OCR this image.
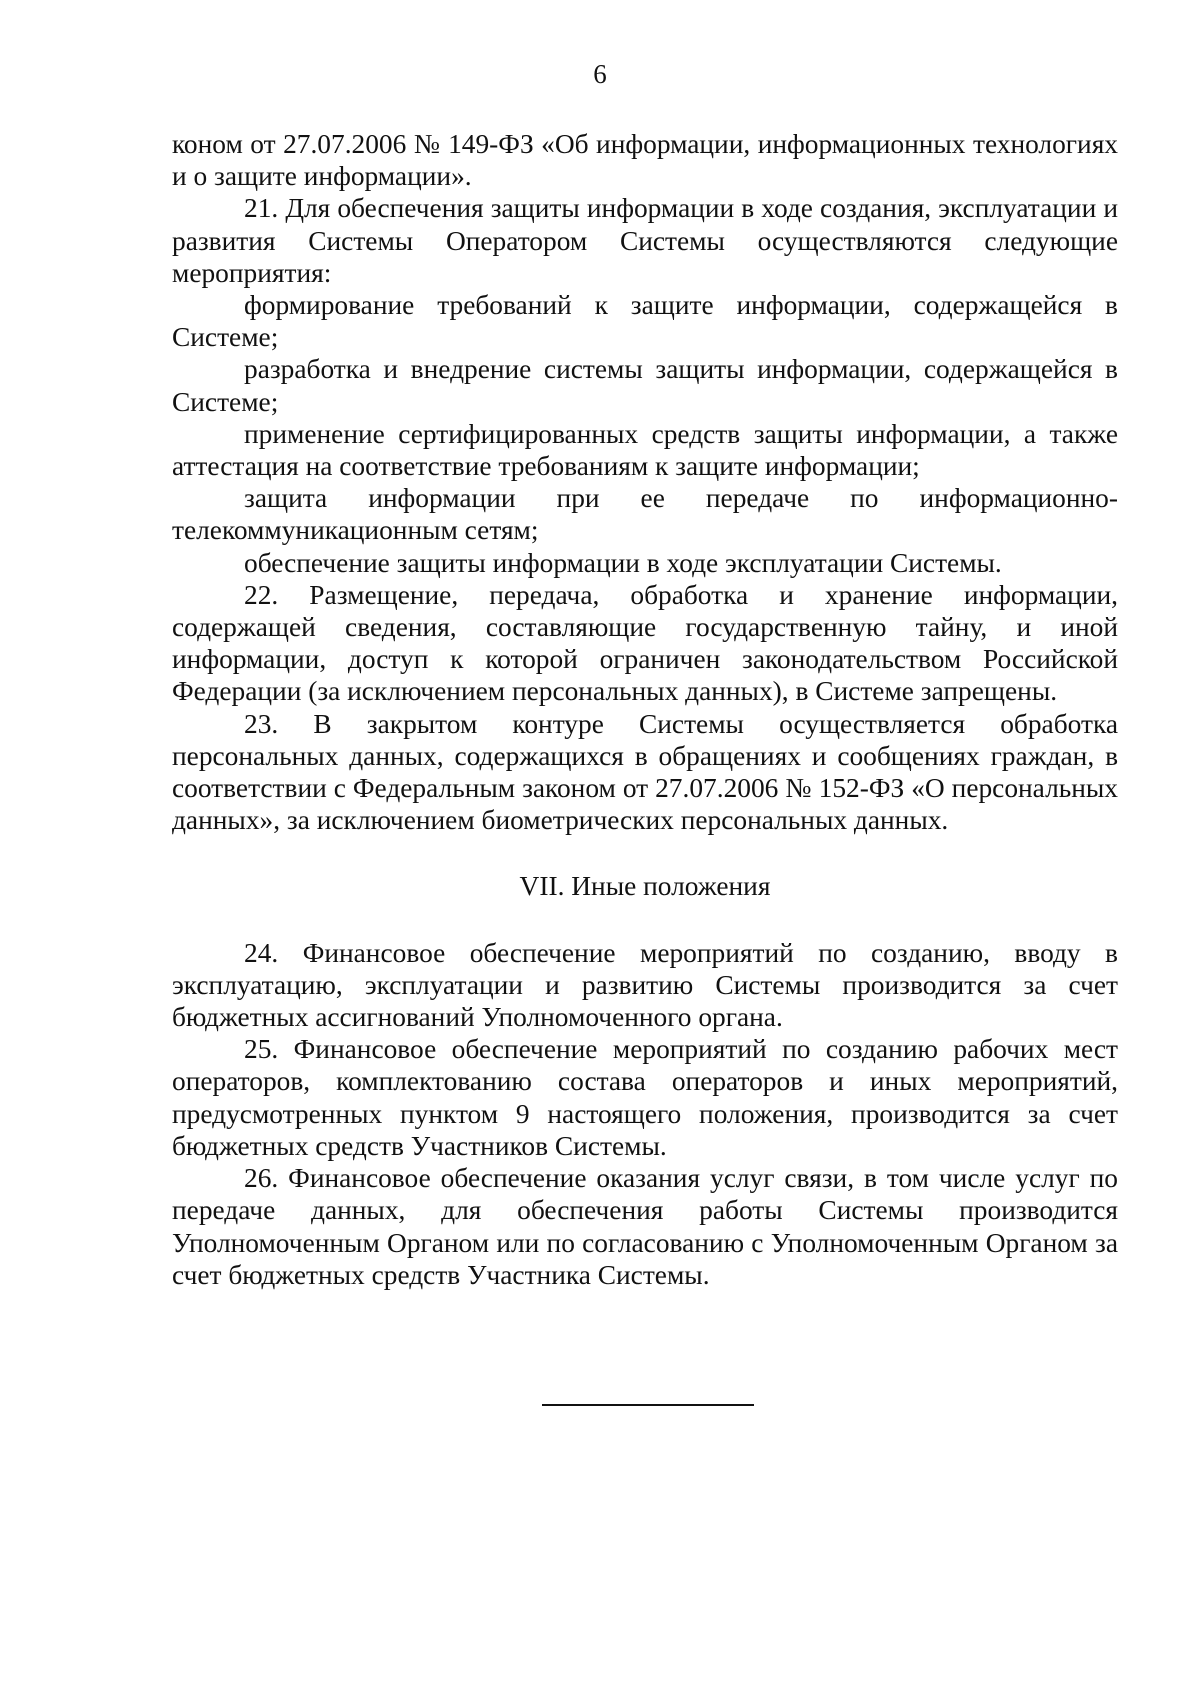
6

коном от 27.07.2006 № 149-ФЗ «Об информации, информационных технологиях и о защите информации».

21. Для обеспечения защиты информации в ходе создания, эксплуатации и развития Системы Оператором Системы осуществляются следующие мероприятия:

формирование требований к защите информации, содержащейся в Системе;

разработка и внедрение системы защиты информации, содержащейся в Системе;

применение сертифицированных средств защиты информации, а также аттестация на соответствие требованиям к защите информации;

защита информации при ее передаче по информационно-телекоммуникационным сетям;

обеспечение защиты информации в ходе эксплуатации Системы.

22. Размещение, передача, обработка и хранение информации, содержащей сведения, составляющие государственную тайну, и иной информации, доступ к которой ограничен законодательством Российской Федерации (за исключением персональных данных), в Системе запрещены.

23. В закрытом контуре Системы осуществляется обработка персональных данных, содержащихся в обращениях и сообщениях граждан, в соответствии с Федеральным законом от 27.07.2006 № 152-ФЗ «О персональных данных», за исключением биометрических персональных данных.

VII. Иные положения

24. Финансовое обеспечение мероприятий по созданию, вводу в эксплуатацию, эксплуатации и развитию Системы производится за счет бюджетных ассигнований Уполномоченного органа.

25. Финансовое обеспечение мероприятий по созданию рабочих мест операторов, комплектованию состава операторов и иных мероприятий, предусмотренных пунктом 9 настоящего положения, производится за счет бюджетных средств Участников Системы.

26. Финансовое обеспечение оказания услуг связи, в том числе услуг по передаче данных, для обеспечения работы Системы производится Уполномоченным Органом или по согласованию с Уполномоченным Органом за счет бюджетных средств Участника Системы.
